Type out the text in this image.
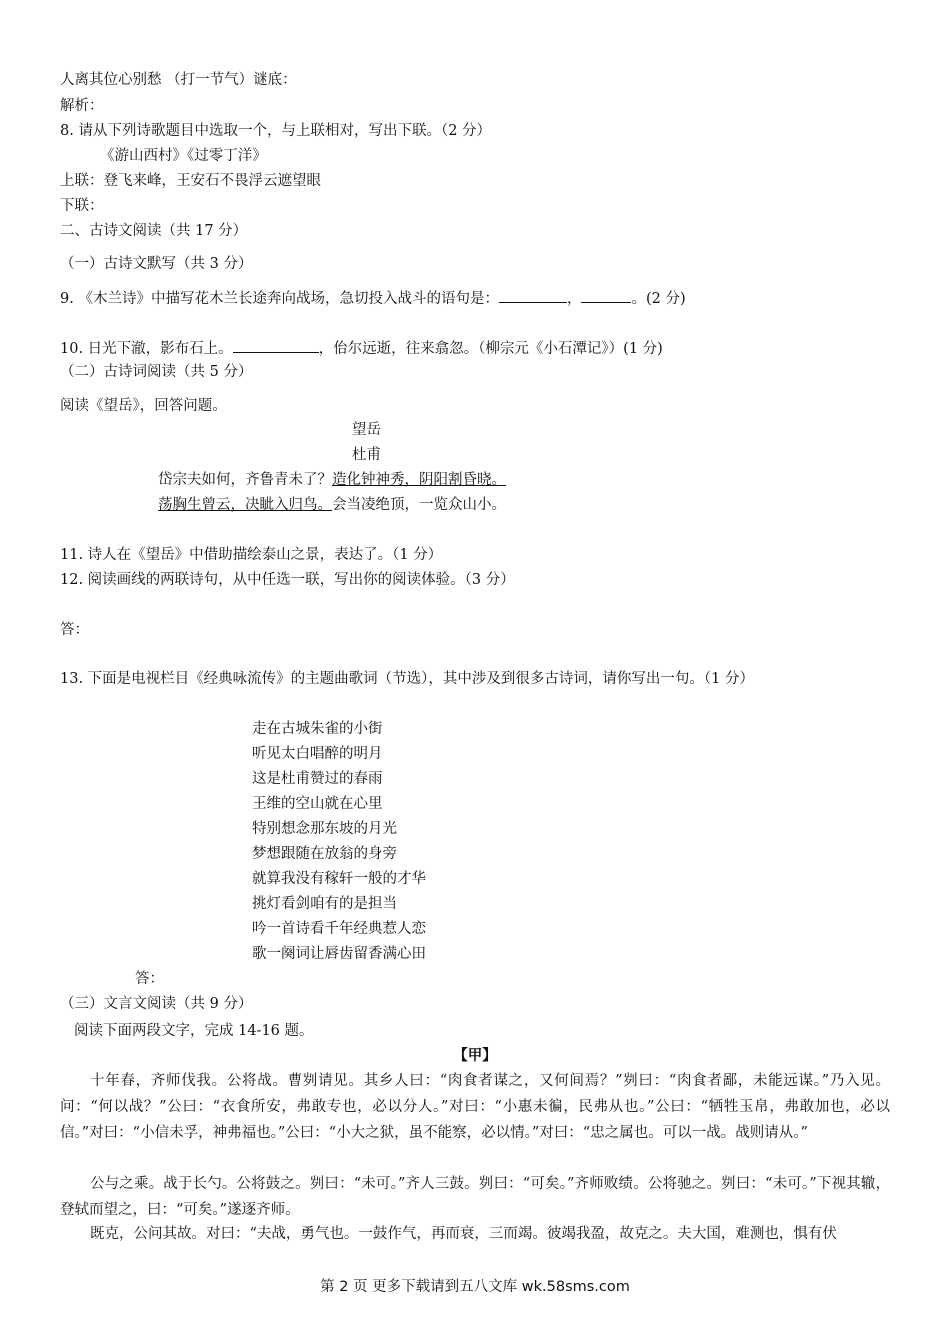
人离其位心别愁 （打一节气）谜底：
解析：
8. 请从下列诗歌题目中选取一个，与上联相对，写出下联。（2 分）
《游山西村》《过零丁洋》
上联：登飞来峰，王安石不畏浮云遮望眼
下联：
二、古诗文阅读（共 17 分）
（一）古诗文默写（共 3 分）
9. 《木兰诗》中描写花木兰长途奔向战场，急切投入战斗的语句是：	，	。(2 分)
10. 日光下澈，影布石上。	，佁尔远逝，往来翕忽。（柳宗元《小石潭记》）(1 分)
（二）古诗词阅读（共 5 分）
阅读《望岳》，回答问题。
望岳
杜甫
岱宗夫如何，齐鲁青未了？造化钟神秀，阴阳割昏晓。
荡胸生曾云，决眦入归鸟。会当凌绝顶，一览众山小。
11. 诗人在《望岳》中借助描绘泰山之景，表达了。（1 分）
12. 阅读画线的两联诗句，从中任选一联，写出你的阅读体验。（3 分）
答：
13. 下面是电视栏目《经典咏流传》的主题曲歌词（节选），其中涉及到很多古诗词，请你写出一句。（1 分）
走在古城朱雀的小街
听见太白唱醉的明月
这是杜甫赞过的春雨
王维的空山就在心里
特别想念那东坡的月光
梦想跟随在放翁的身旁
就算我没有稼轩一般的才华
挑灯看剑咱有的是担当
吟一首诗看千年经典惹人恋
歌一阕词让唇齿留香满心田
答：
（三）文言文阅读（共 9 分）
阅读下面两段文字，完成 14-16 题。
【甲】
十年春，齐师伐我。公将战。曹刿请见。其乡人曰：“肉食者谋之，又何间焉？”刿曰：“肉食者鄙，未能远谋。”乃入见。问：“何以战？”公曰：“衣食所安，弗敢专也，必以分人。”对曰：“小惠未徧，民弗从也。”公曰：“牺牲玉帛，弗敢加也，必以信。”对曰：“小信未孚，神弗福也。”公曰：“小大之狱，虽不能察，必以情。”对曰：“忠之属也。可以一战。战则请从。”
公与之乘。战于长勺。公将鼓之。刿曰：“未可。”齐人三鼓。刿曰：“可矣。”齐师败绩。公将驰之。刿曰：“未可。”下视其辙，登轼而望之，曰：“可矣。”遂逐齐师。
既克，公问其故。对曰：“夫战，勇气也。一鼓作气，再而衰，三而竭。彼竭我盈，故克之。夫大国，难测也，惧有伏
第 2 页 更多下载请到五八文库 wk.58sms.com
